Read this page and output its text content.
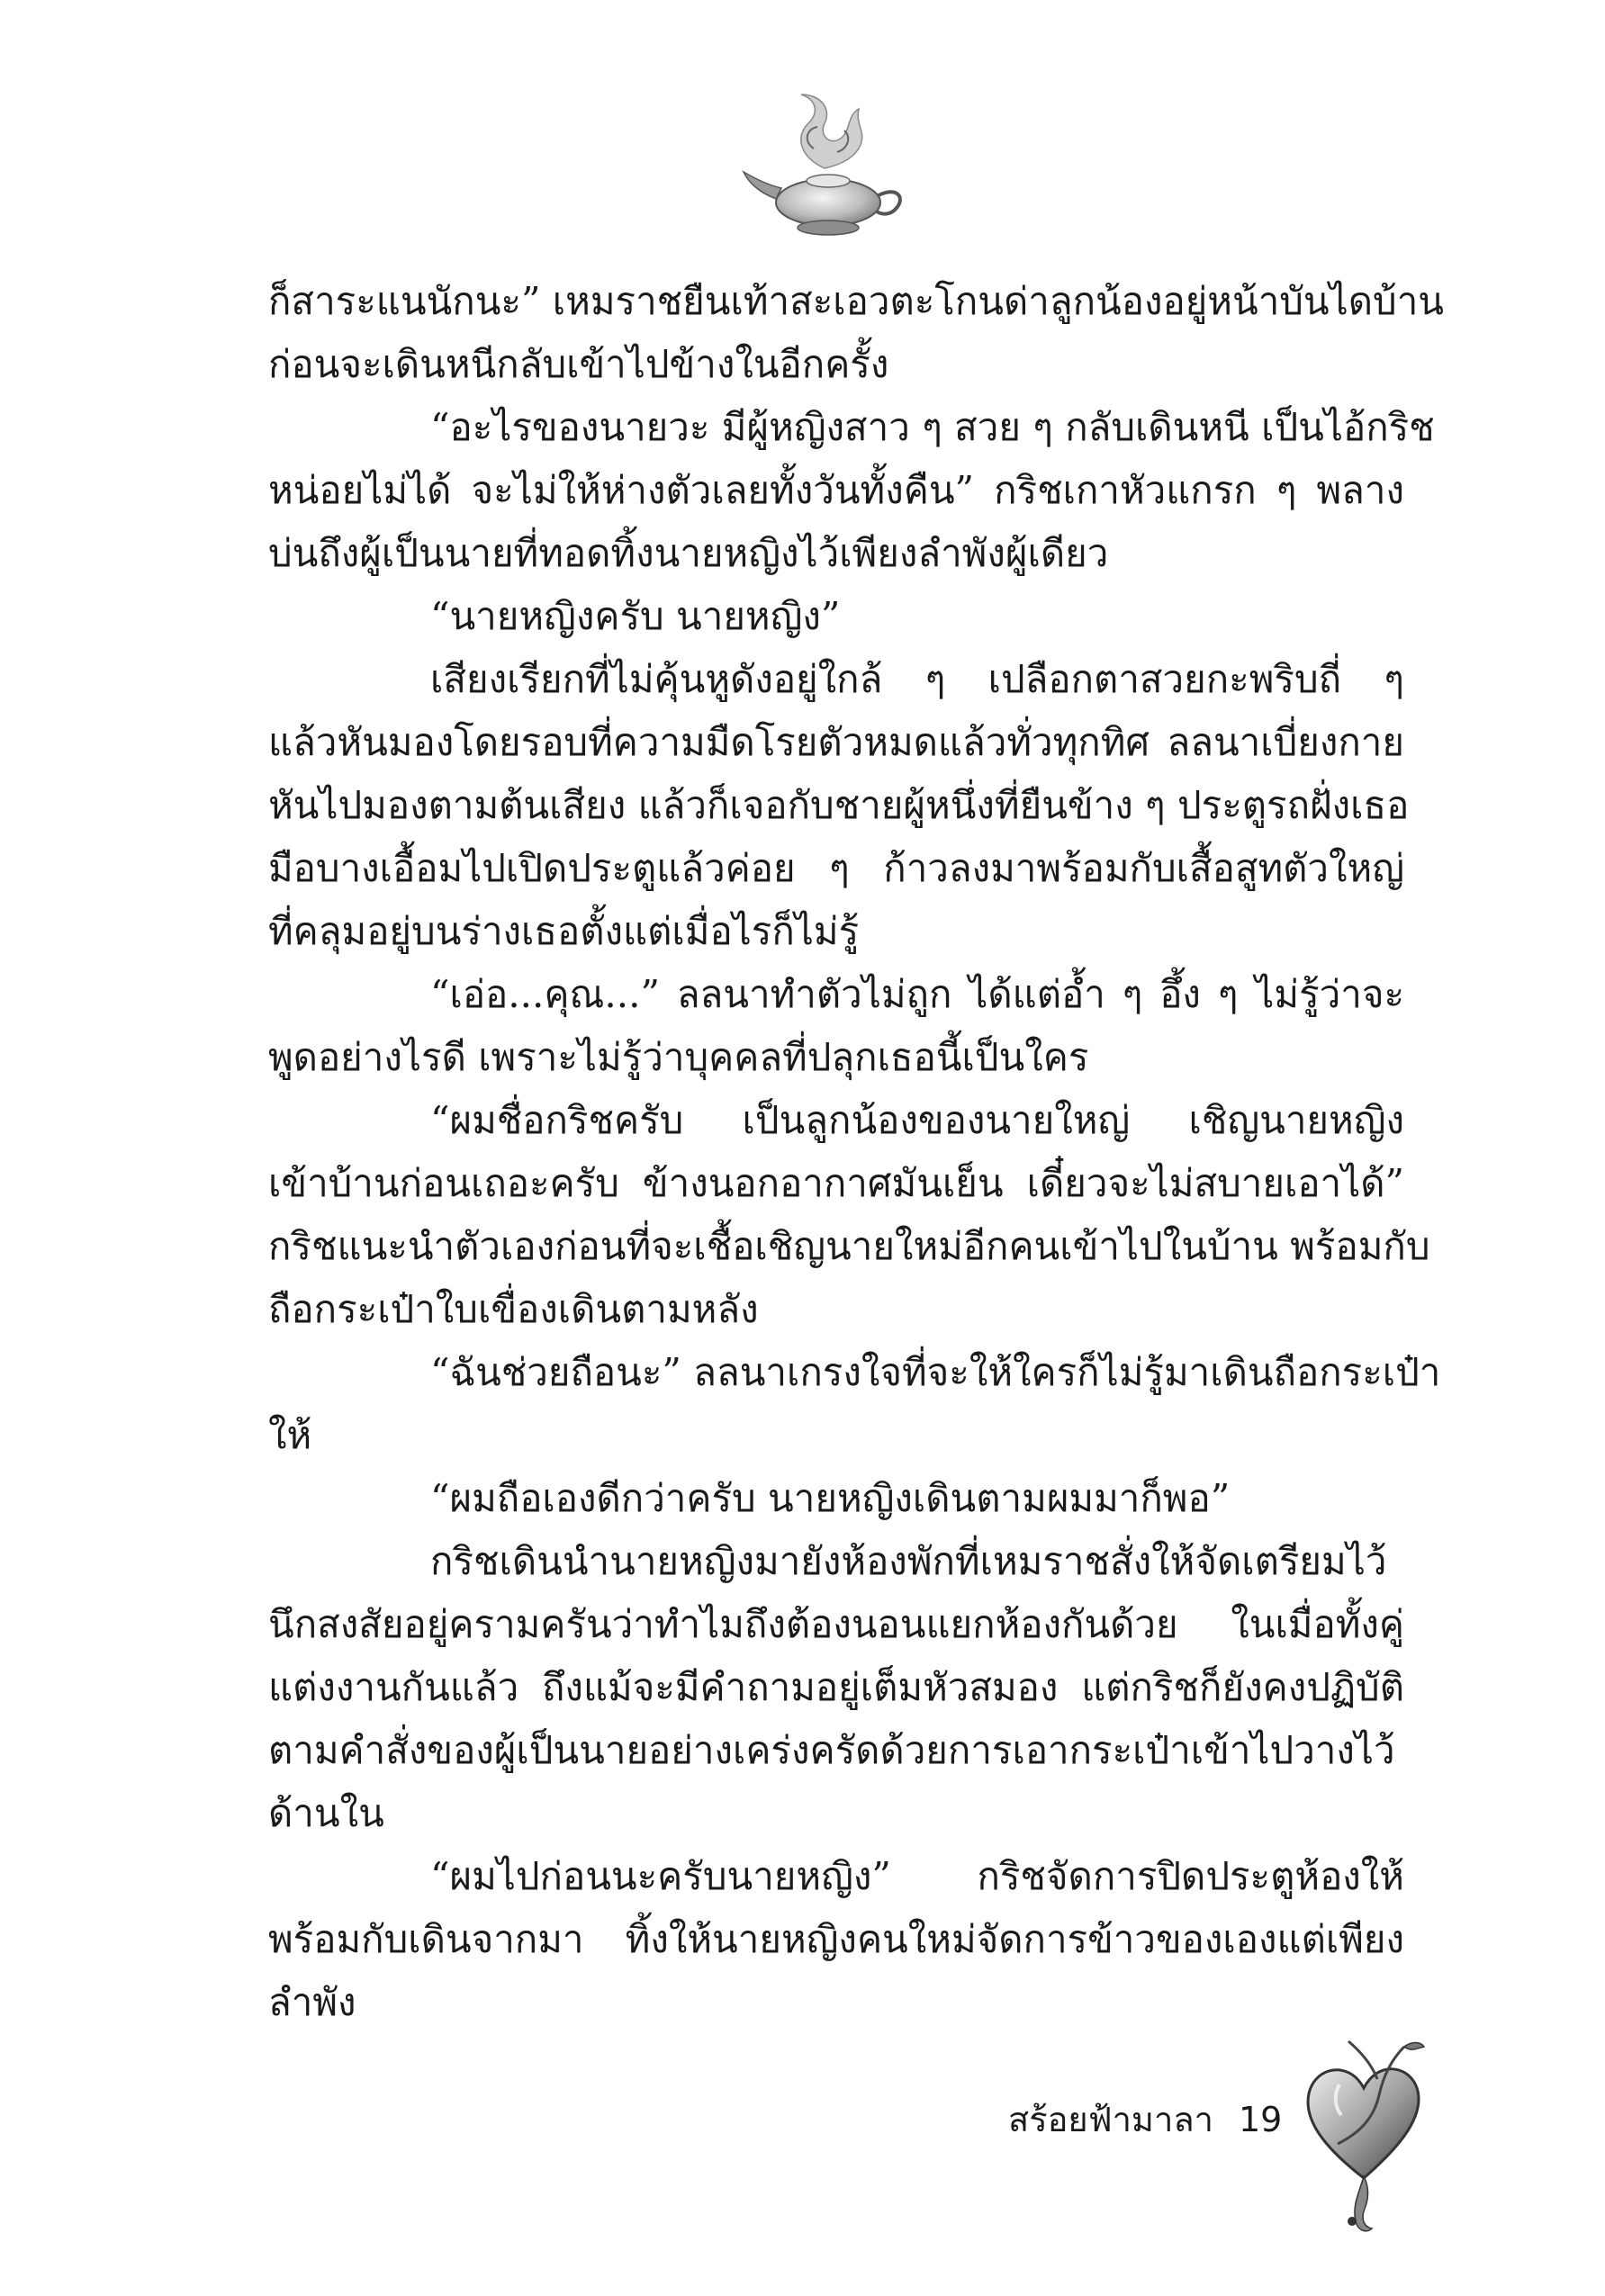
ก็สาระแนนักนะ” เหมราชยืนเท้าสะเอวตะโกนด่าลูกน้องอยู่หน้าบันไดบ้าน
ก่อนจะเดินหนีกลับเข้าไปข้างในอีกครั้ง
“อะไรของนายวะ มีผู้หญิงสาว ๆ สวย ๆ กลับเดินหนี เป็นไอ้กริช
หน่อยไม่ได้ จะไม่ให้ห่างตัวเลยทั้งวันทั้งคืน” กริชเกาหัวแกรก ๆ พลาง
บ่นถึงผู้เป็นนายที่ทอดทิ้งนายหญิงไว้เพียงลำพังผู้เดียว
“นายหญิงครับ นายหญิง”
เสียงเรียกที่ไม่คุ้นหูดังอยู่ใกล้ ๆ เปลือกตาสวยกะพริบถี่ ๆ
แล้วหันมองโดยรอบที่ความมืดโรยตัวหมดแล้วทั่วทุกทิศ ลลนาเบี่ยงกาย
หันไปมองตามต้นเสียง แล้วก็เจอกับชายผู้หนึ่งที่ยืนข้าง ๆ ประตูรถฝั่งเธอ
มือบางเอื้อมไปเปิดประตูแล้วค่อย ๆ ก้าวลงมาพร้อมกับเสื้อสูทตัวใหญ่
ที่คลุมอยู่บนร่างเธอตั้งแต่เมื่อไรก็ไม่รู้
“เอ่อ...คุณ...” ลลนาทำตัวไม่ถูก ได้แต่อ้ำ ๆ อึ้ง ๆ ไม่รู้ว่าจะ
พูดอย่างไรดี เพราะไม่รู้ว่าบุคคลที่ปลุกเธอนี้เป็นใคร
“ผมชื่อกริชครับ เป็นลูกน้องของนายใหญ่ เชิญนายหญิง
เข้าบ้านก่อนเถอะครับ ข้างนอกอากาศมันเย็น เดี๋ยวจะไม่สบายเอาได้”
กริชแนะนำตัวเองก่อนที่จะเชื้อเชิญนายใหม่อีกคนเข้าไปในบ้าน พร้อมกับ
ถือกระเป๋าใบเขื่องเดินตามหลัง
“ฉันช่วยถือนะ” ลลนาเกรงใจที่จะให้ใครก็ไม่รู้มาเดินถือกระเป๋า
ให้
“ผมถือเองดีกว่าครับ นายหญิงเดินตามผมมาก็พอ”
กริชเดินนำนายหญิงมายังห้องพักที่เหมราชสั่งให้จัดเตรียมไว้
นึกสงสัยอยู่ครามครันว่าทำไมถึงต้องนอนแยกห้องกันด้วย ในเมื่อทั้งคู่
แต่งงานกันแล้ว ถึงแม้จะมีคำถามอยู่เต็มหัวสมอง แต่กริชก็ยังคงปฏิบัติ
ตามคำสั่งของผู้เป็นนายอย่างเคร่งครัดด้วยการเอากระเป๋าเข้าไปวางไว้
ด้านใน
“ผมไปก่อนนะครับนายหญิง” กริชจัดการปิดประตูห้องให้
พร้อมกับเดินจากมา ทิ้งให้นายหญิงคนใหม่จัดการข้าวของเองแต่เพียง
ลำพัง
สร้อยฟ้ามาลา 19
